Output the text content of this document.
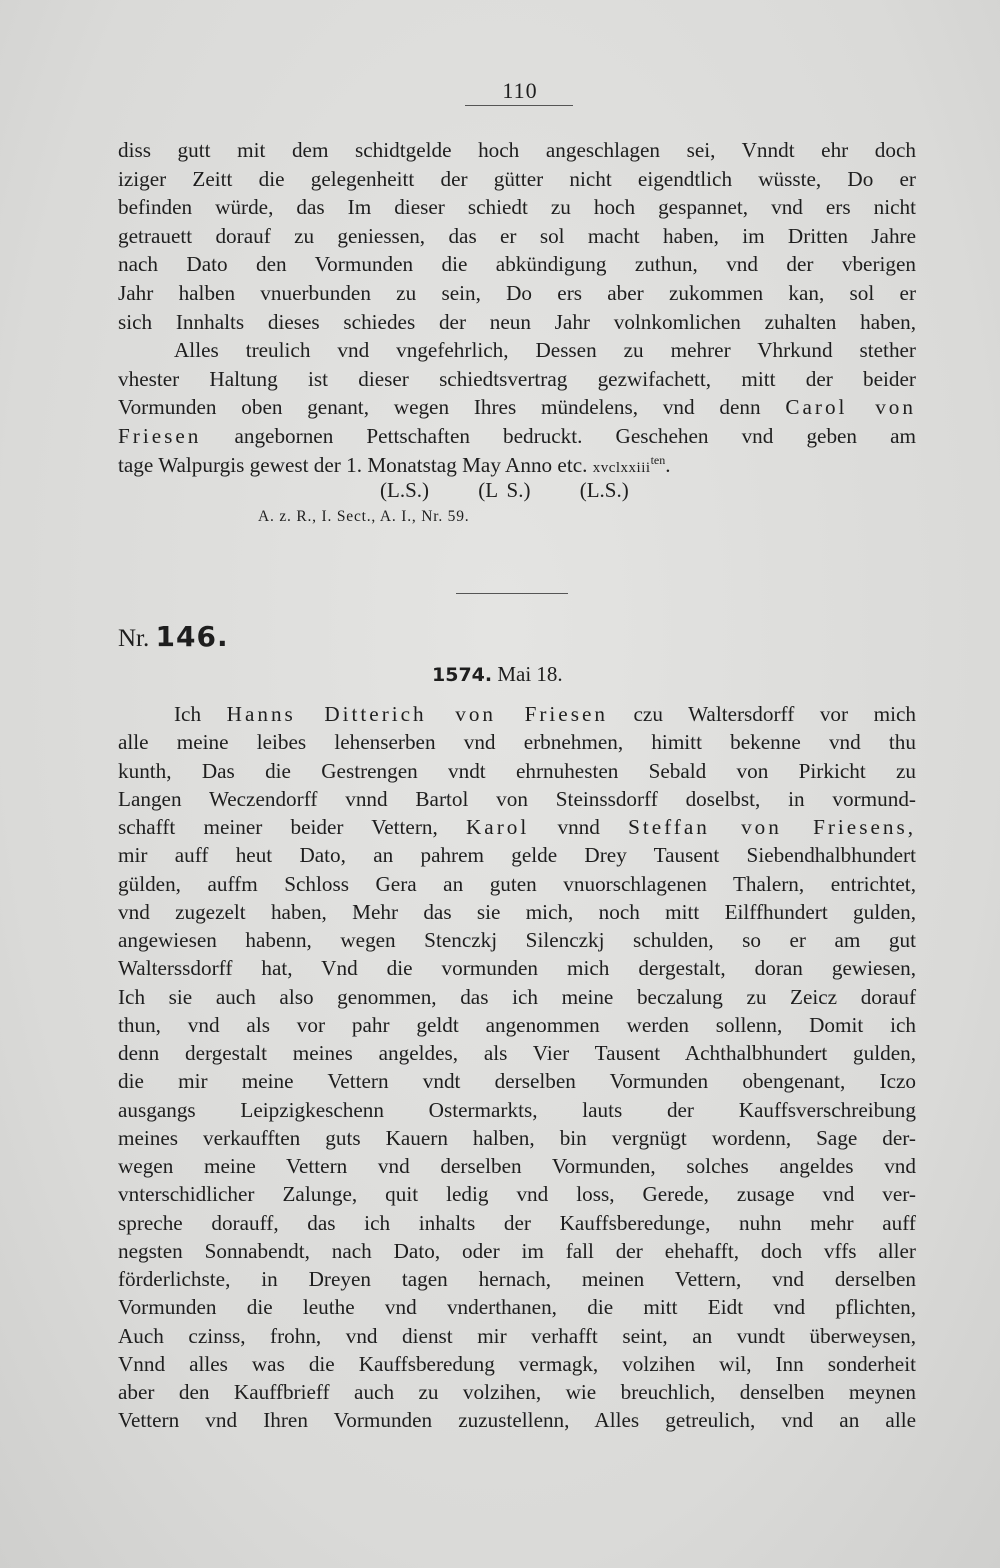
110
diss gutt mit dem schidtgelde hoch angeschlagen sei, Vnndt ehr doch
iziger Zeitt die gelegenheitt der gütter nicht eigendtlich wüsste, Do er
befinden würde, das Im dieser schiedt zu hoch gespannet, vnd ers nicht
getrauett dorauf zu geniessen, das er sol macht haben, im Dritten Jahre
nach Dato den Vormunden die abkündigung zuthun, vnd der vberigen
Jahr halben vnuerbunden zu sein, Do ers aber zukommen kan, sol er
sich Innhalts dieses schiedes der neun Jahr volnkomlichen zuhalten haben,
Alles treulich vnd vngefehrlich, Dessen zu mehrer Vhrkund stether
vhester Haltung ist dieser schiedtsvertrag gezwifachett, mitt der beider
Vormunden oben genant, wegen Ihres mündelens, vnd denn Carol von
Friesen angebornen Pettschaften bedruckt. Geschehen vnd geben am
tage Walpurgis gewest der 1. Monatstag May Anno etc. xvclxxiii$^{ten}$.
(L.S.) (L S.) (L.S.)
A. z. R., I. Sect., A. I., Nr. 59.
Nr. 146.
1574. Mai 18.
Ich Hanns Ditterich von Friesen czu Waltersdorff vor mich
alle meine leibes lehenserben vnd erbnehmen, himitt bekenne vnd thu
kunth, Das die Gestrengen vndt ehrnuhesten Sebald von Pirkicht zu
Langen Weczendorff vnnd Bartol von Steinssdorff doselbst, in vormund-
schafft meiner beider Vettern, Karol vnnd Steffan von Friesens,
mir auff heut Dato, an pahrem gelde Drey Tausent Siebendhalbhundert
gülden, auffm Schloss Gera an guten vnuorschlagenen Thalern, entrichtet,
vnd zugezelt haben, Mehr das sie mich, noch mitt Eilffhundert gulden,
angewiesen habenn, wegen Stenczkj Silenczkj schulden, so er am gut
Walterssdorff hat, Vnd die vormunden mich dergestalt, doran gewiesen,
Ich sie auch also genommen, das ich meine beczalung zu Zeicz dorauf
thun, vnd als vor pahr geldt angenommen werden sollenn, Domit ich
denn dergestalt meines angeldes, als Vier Tausent Achthalbhundert gulden,
die mir meine Vettern vndt derselben Vormunden obengenant, Iczo
ausgangs Leipzigkeschenn Ostermarkts, lauts der Kauffsverschreibung
meines verkaufften guts Kauern halben, bin vergnügt wordenn, Sage der-
wegen meine Vettern vnd derselben Vormunden, solches angeldes vnd
vnterschidlicher Zalunge, quit ledig vnd loss, Gerede, zusage vnd ver-
spreche dorauff, das ich inhalts der Kauffsberedunge, nuhn mehr auff
negsten Sonnabendt, nach Dato, oder im fall der ehehafft, doch vffs aller
förderlichste, in Dreyen tagen hernach, meinen Vettern, vnd derselben
Vormunden die leuthe vnd vnderthanen, die mitt Eidt vnd pflichten,
Auch czinss, frohn, vnd dienst mir verhafft seint, an vundt überweysen,
Vnnd alles was die Kauffsberedung vermagk, volzihen wil, Inn sonderheit
aber den Kauffbrieff auch zu volzihen, wie breuchlich, denselben meynen
Vettern vnd Ihren Vormunden zuzustellenn, Alles getreulich, vnd an alle
